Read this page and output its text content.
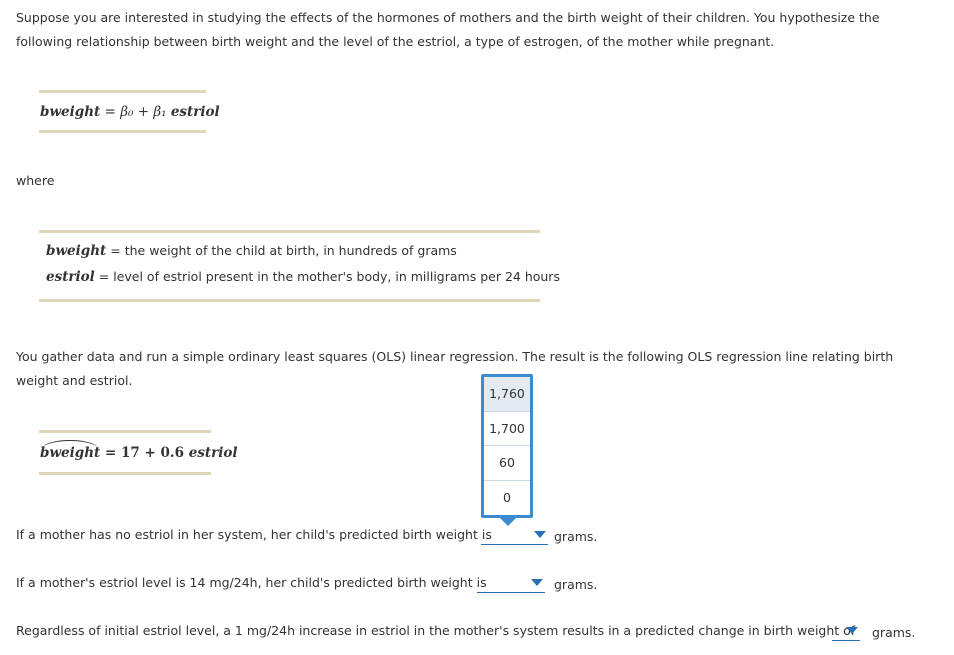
Suppose you are interested in studying the effects of the hormones of mothers and the birth weight of their children. You hypothesize the following relationship between birth weight and the level of the estriol, a type of estrogen, of the mother while pregnant.
bweight = β₀ + β₁ estriol
where
bweight = the weight of the child at birth, in hundreds of grams
estriol = level of estriol present in the mother's body, in milligrams per 24 hours
You gather data and run a simple ordinary least squares (OLS) linear regression. The result is the following OLS regression line relating birth weight and estriol.
bweight = 17 + 0.6 estriol
If a mother has no estriol in her system, her child's predicted birth weight is	grams.
If a mother's estriol level is 14 mg/24h, her child's predicted birth weight is	grams.
Regardless of initial estriol level, a 1 mg/24h increase in estriol in the mother's system results in a predicted change in birth weight of grams.
1,760
1,700
60
0
